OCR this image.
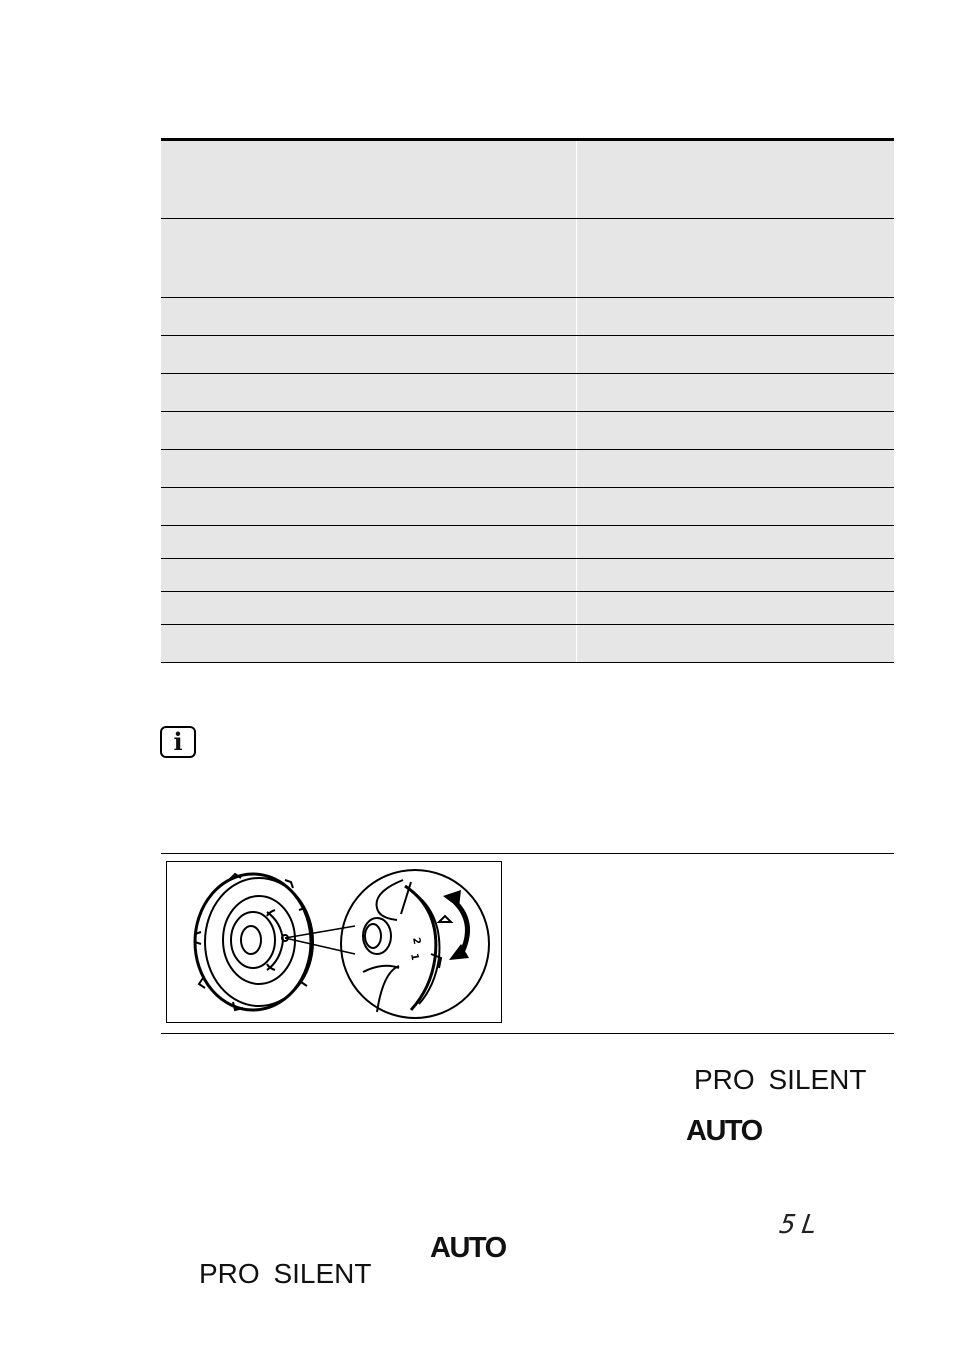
i
2
1
PRO SILENT
AUTO
5L
AUTO
PRO SILENT
